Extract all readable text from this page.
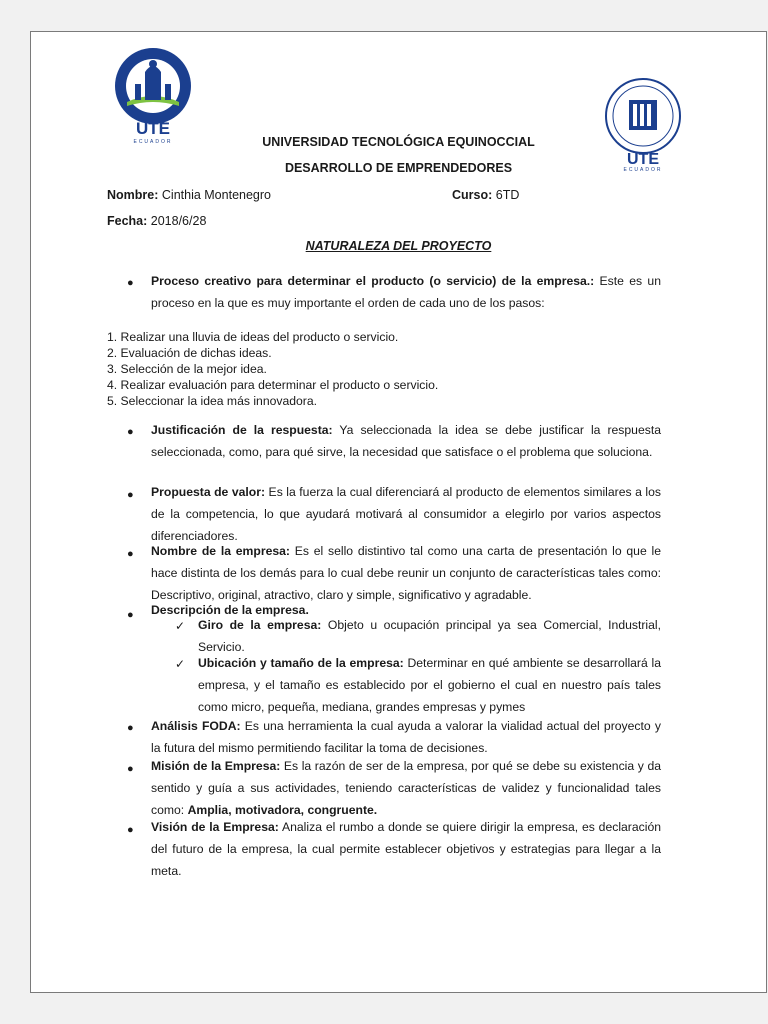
UTE
ECUADOR
UTE
ECUADOR
UNIVERSIDAD TECNOLÓGICA EQUINOCCIAL
DESARROLLO DE EMPRENDEDORES
Nombre: Cinthia Montenegro	Curso: 6TD
Fecha: 2018/6/28
NATURALEZA DEL PROYECTO
● Proceso creativo para determinar el producto (o servicio) de la empresa.: Este es un proceso en la que es muy importante el orden de cada uno de los pasos:
1. Realizar una lluvia de ideas del producto o servicio.
2. Evaluación de dichas ideas.
3. Selección de la mejor idea.
4. Realizar evaluación para determinar el producto o servicio.
5. Seleccionar la idea más innovadora.
● Justificación de la respuesta: Ya seleccionada la idea se debe justificar la respuesta seleccionada, como, para qué sirve, la necesidad que satisface o el problema que soluciona.
● Propuesta de valor: Es la fuerza la cual diferenciará al producto de elementos similares a los de la competencia, lo que ayudará motivará al consumidor a elegirlo por varios aspectos diferenciadores.
● Nombre de la empresa: Es el sello distintivo tal como una carta de presentación lo que le hace distinta de los demás para lo cual debe reunir un conjunto de características tales como: Descriptivo, original, atractivo, claro y simple, significativo y agradable.
● Descripción de la empresa.
✓ Giro de la empresa: Objeto u ocupación principal ya sea Comercial, Industrial, Servicio.
✓ Ubicación y tamaño de la empresa: Determinar en qué ambiente se desarrollará la empresa, y el tamaño es establecido por el gobierno el cual en nuestro país tales como micro, pequeña, mediana, grandes empresas y pymes
● Análisis FODA: Es una herramienta la cual ayuda a valorar la vialidad actual del proyecto y la futura del mismo permitiendo facilitar la toma de decisiones.
● Misión de la Empresa: Es la razón de ser de la empresa, por qué se debe su existencia y da sentido y guía a sus actividades, teniendo características de validez y funcionalidad tales como: Amplia, motivadora, congruente.
● Visión de la Empresa: Analiza el rumbo a donde se quiere dirigir la empresa, es declaración del futuro de la empresa, la cual permite establecer objetivos y estrategias para llegar a la meta.
